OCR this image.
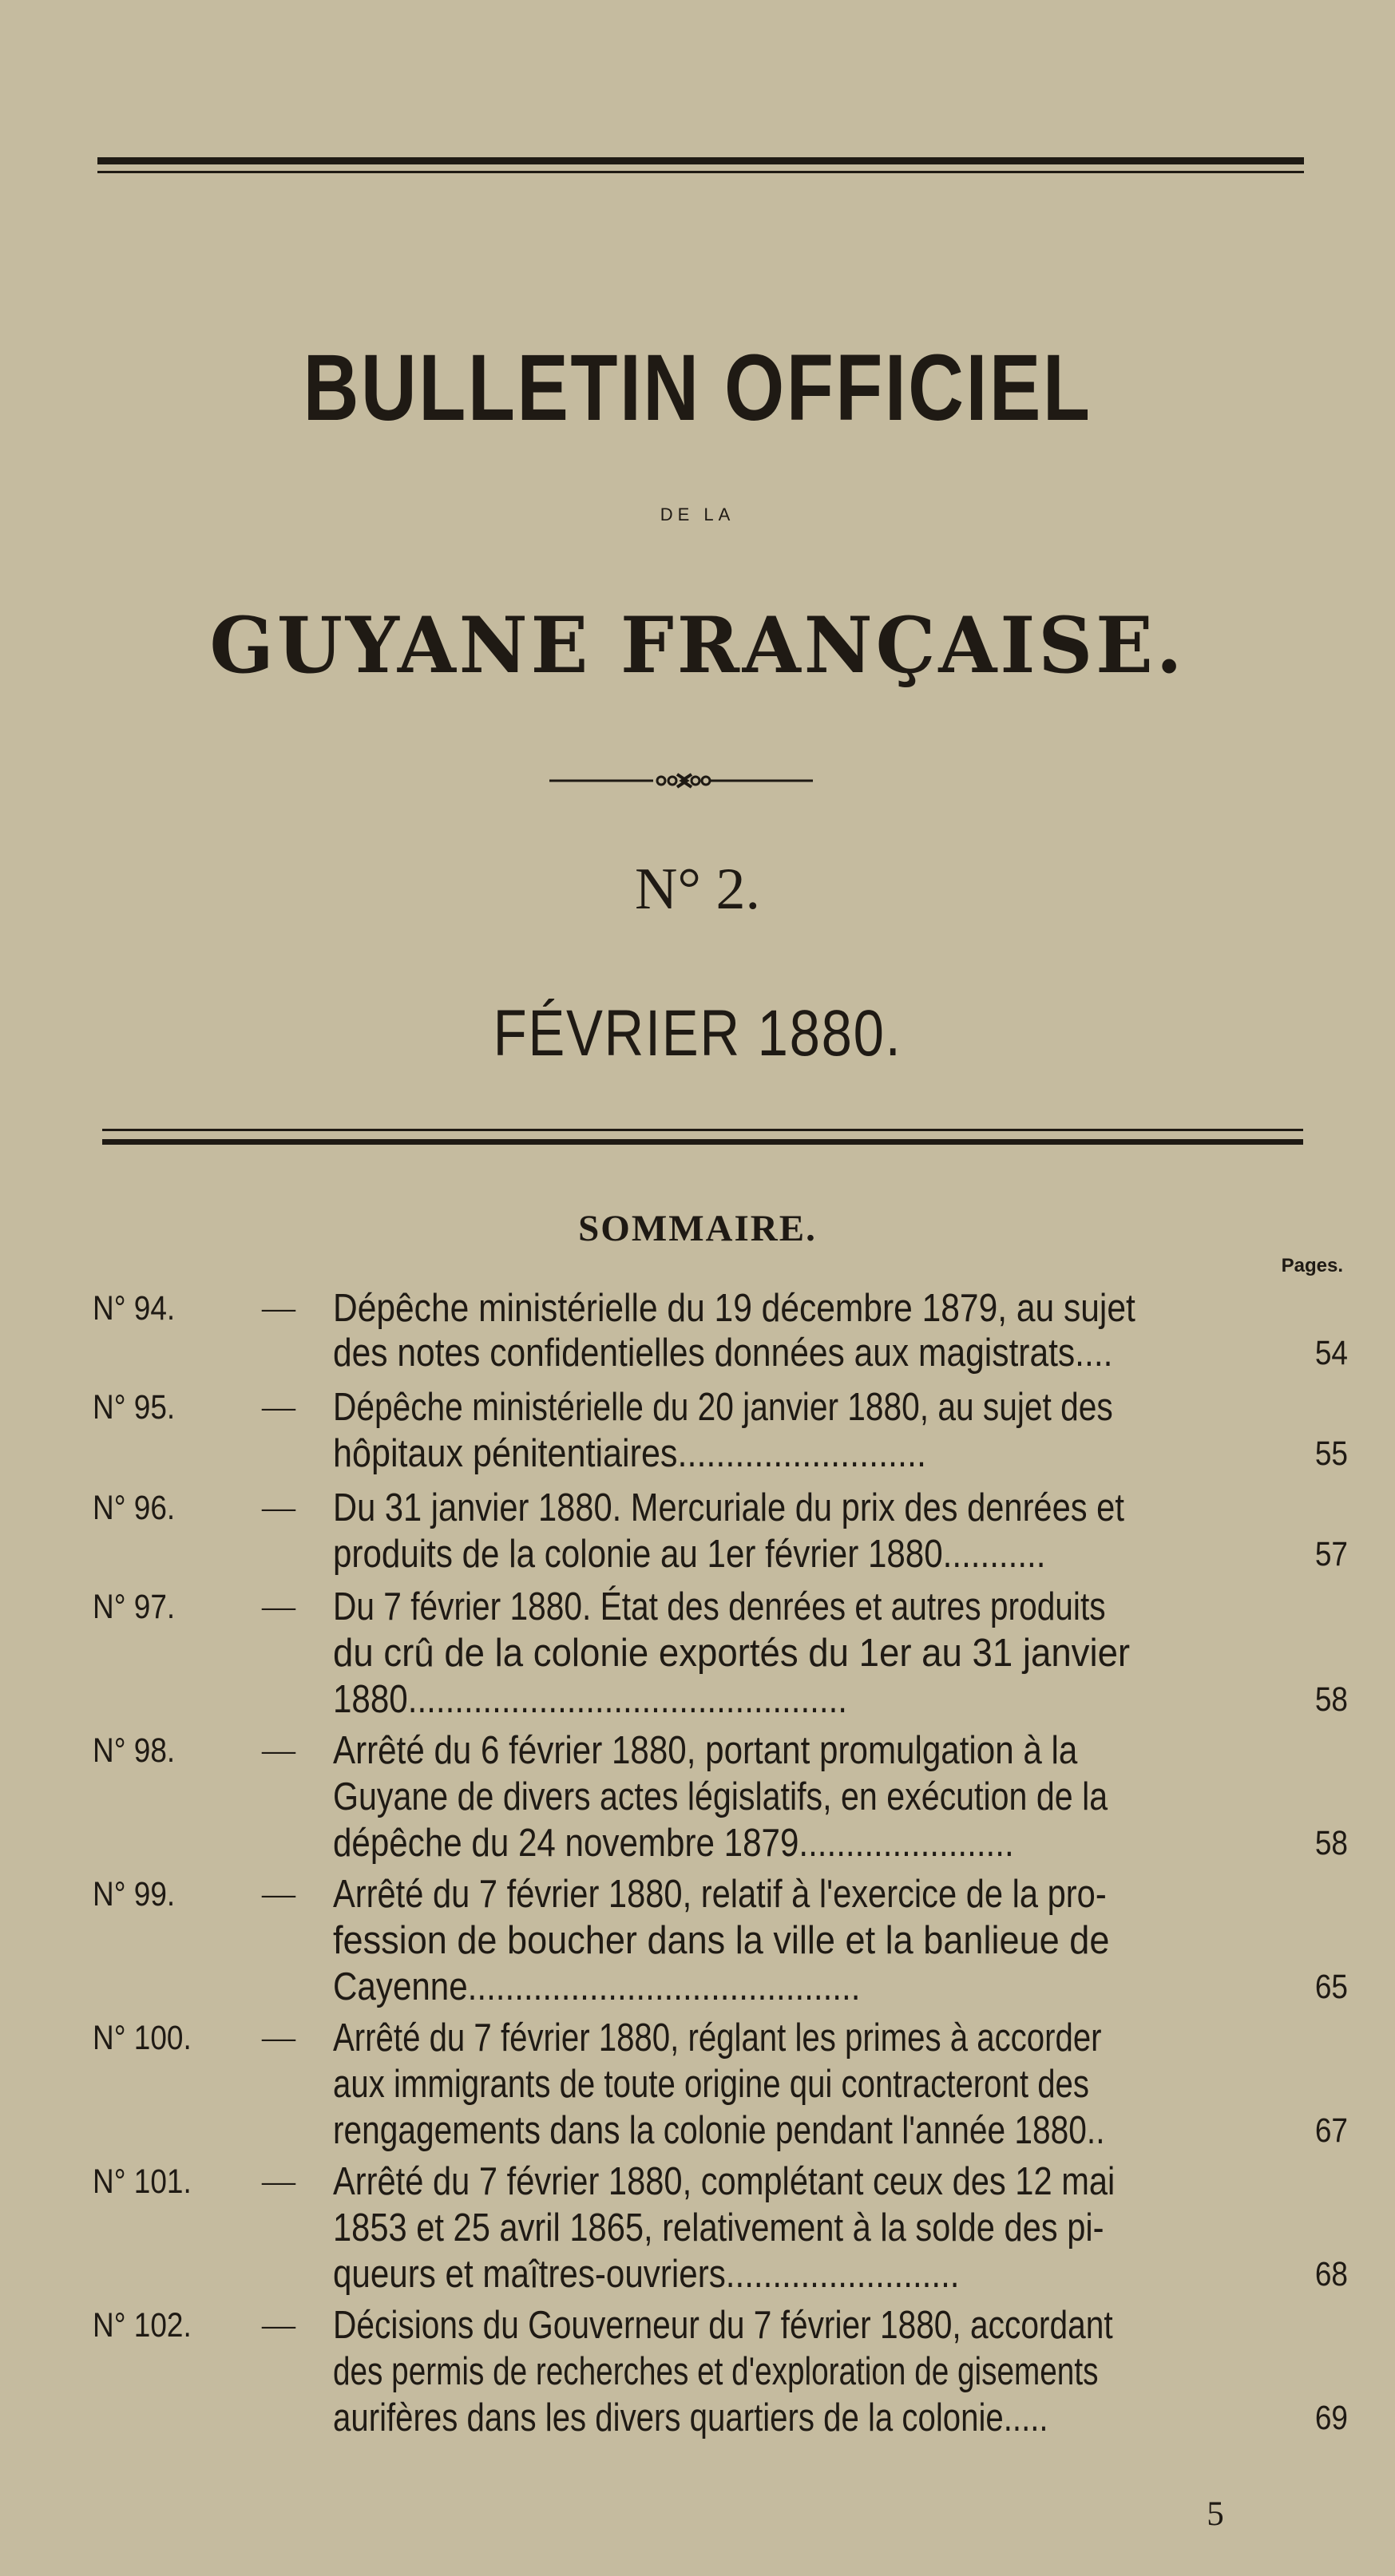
BULLETIN OFFICIEL
DE LA
GUYANE FRANÇAISE.
N° 2.
FÉVRIER 1880.
SOMMAIRE.
Pages.
N° 94.	— Dépêche ministérielle du 19 décembre 1879, au sujet
des notes confidentielles données aux magistrats....	54
N° 95.	— Dépêche ministérielle du 20 janvier 1880, au sujet des
hôpitaux pénitentiaires..........................	55
N° 96.	— Du 31 janvier 1880. Mercuriale du prix des denrées et
produits de la colonie au 1er février 1880...........	57
N° 97.	— Du 7 février 1880. État des denrées et autres produits
du crû de la colonie exportés du 1er au 31 janvier
1880...............................................	58
N° 98.	— Arrêté du 6 février 1880, portant promulgation à la
Guyane de divers actes législatifs, en exécution de la
dépêche du 24 novembre 1879.......................	58
N° 99.	— Arrêté du 7 février 1880, relatif à l'exercice de la pro-
fession de boucher dans la ville et la banlieue de
Cayenne..........................................	65
N° 100.	— Arrêté du 7 février 1880, réglant les primes à accorder
aux immigrants de toute origine qui contracteront des
rengagements dans la colonie pendant l'année 1880..	67
N° 101.	— Arrêté du 7 février 1880, complétant ceux des 12 mai
1853 et 25 avril 1865, relativement à la solde des pi-
queurs et maîtres-ouvriers.........................	68
N° 102.	— Décisions du Gouverneur du 7 février 1880, accordant
des permis de recherches et d'exploration de gisements
aurifères dans les divers quartiers de la colonie.....	69
5
